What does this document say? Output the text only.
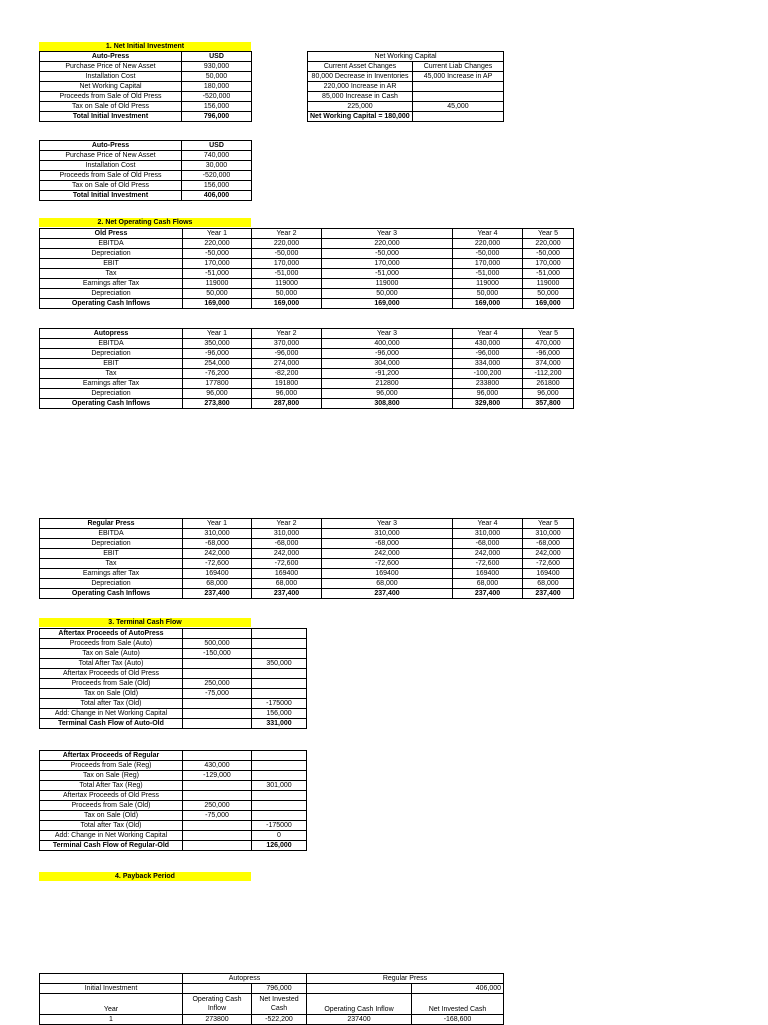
1. Net Initial Investment
Auto-Press	USD
Purchase Price of New Asset	930,000
Installation Cost	50,000
Net Working Capital	180,000
Proceeds from Sale of Old Press	-520,000
Tax on Sale of Old Press	156,000
Total Initial Investment	796,000
Net Working Capital	
Current Asset Changes	Current Liab Changes
80,000 Decrease in Inventories	45,000 Increase in AP
220,000 Increase in AR	
85,000 Increase in Cash	
225,000	45,000
Net Working Capital = 180,000	
Auto-Press	USD
Purchase Price of New Asset	740,000
Installation Cost	30,000
Proceeds from Sale of Old Press	-520,000
Tax on Sale of Old Press	156,000
Total Initial Investment	406,000
2. Net Operating Cash Flows
Old Press	Year 1	Year 2	Year 3	Year 4	Year 5
EBITDA	220,000	220,000	220,000	220,000	220,000
Depreciation	-50,000	-50,000	-50,000	-50,000	-50,000
EBIT	170,000	170,000	170,000	170,000	170,000
Tax	-51,000	-51,000	-51,000	-51,000	-51,000
Earnings after Tax	119000	119000	119000	119000	119000
Depreciation	50,000	50,000	50,000	50,000	50,000
Operating Cash Inflows	169,000	169,000	169,000	169,000	169,000
Autopress	Year 1	Year 2	Year 3	Year 4	Year 5
EBITDA	350,000	370,000	400,000	430,000	470,000
Depreciation	-96,000	-96,000	-96,000	-96,000	-96,000
EBIT	254,000	274,000	304,000	334,000	374,000
Tax	-76,200	-82,200	-91,200	-100,200	-112,200
Earnings after Tax	177800	191800	212800	233800	261800
Depreciation	96,000	96,000	96,000	96,000	96,000
Operating Cash Inflows	273,800	287,800	308,800	329,800	357,800
Regular Press	Year 1	Year 2	Year 3	Year 4	Year 5
EBITDA	310,000	310,000	310,000	310,000	310,000
Depreciation	-68,000	-68,000	-68,000	-68,000	-68,000
EBIT	242,000	242,000	242,000	242,000	242,000
Tax	-72,600	-72,600	-72,600	-72,600	-72,600
Earnings after Tax	169400	169400	169400	169400	169400
Depreciation	68,000	68,000	68,000	68,000	68,000
Operating Cash Inflows	237,400	237,400	237,400	237,400	237,400
3. Terminal Cash Flow
Aftertax Proceeds of AutoPress		
Proceeds from Sale (Auto)	500,000	
Tax on Sale (Auto)	-150,000	
Total After Tax (Auto)		350,000
Aftertax Proceeds of Old Press		
Proceeds from Sale (Old)	250,000	
Tax on Sale (Old)	-75,000	
Total after Tax (Old)		-175000
Add: Change in Net Working Capital		156,000
Terminal Cash Flow of Auto-Old		331,000
Aftertax Proceeds of Regular		
Proceeds from Sale (Reg)	430,000	
Tax on Sale (Reg)	-129,000	
Total After Tax (Reg)		301,000
Aftertax Proceeds of Old Press		
Proceeds from Sale (Old)	250,000	
Tax on Sale (Old)	-75,000	
Total after Tax (Old)		-175000
Add: Change in Net Working Capital		0
Terminal Cash Flow of Regular-Old		126,000
4. Payback Period
	Autopress		Regular Press	
Initial Investment		796,000		406,000
Year	Operating Cash Inflow	Net Invested Cash	Operating Cash Inflow	Net Invested Cash
1	273800	-522,200	237400	-168,600
